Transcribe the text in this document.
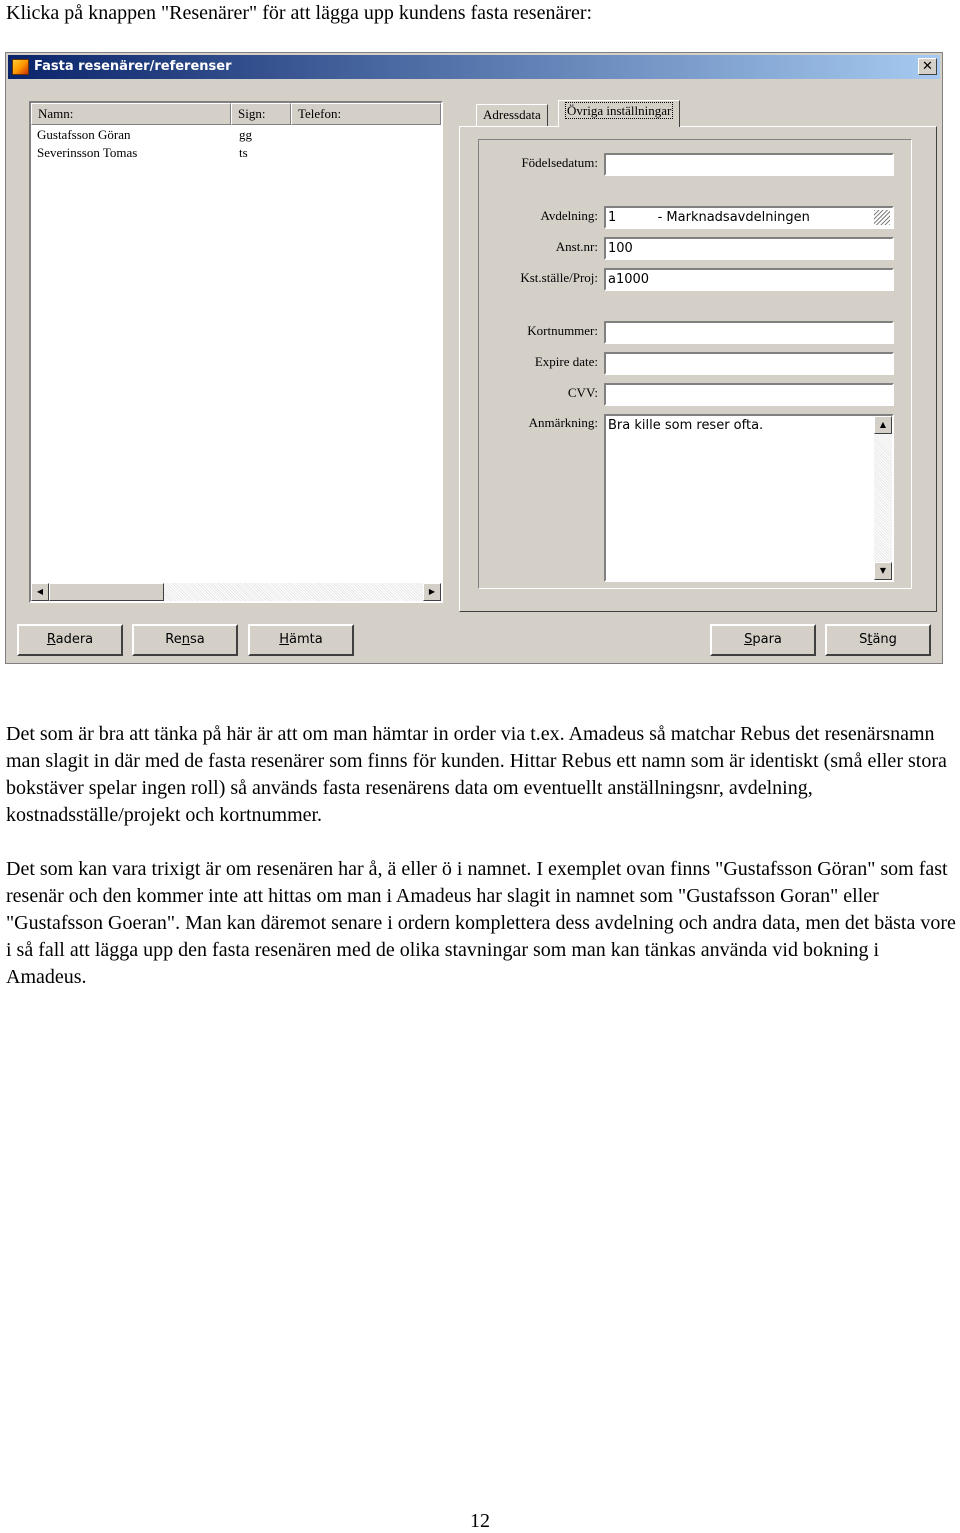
Klicka på knappen "Resenärer" för att lägga upp kundens fasta resenärer:
Fasta resenärer/referenser	✕
Namn:	Sign:	Telefon:
Gustafsson Göran	gg
Severinsson Tomas	ts
◀	▶
Adressdata	Övriga inställningar
Födelsedatum:
Avdelning: 1          - Marknadsavdelningen
Anst.nr: 100
Kst.ställe/Proj: a1000
Kortnummer:
Expire date:
CVV:
Anmärkning: Bra kille som reser ofta.	▲
▼
Radera	Rensa	Hämta	Spara	Stäng

Det som är bra att tänka på här är att om man hämtar in order via t.ex. Amadeus så matchar Rebus det resenärsnamn man slagit in där med de fasta resenärer som finns för kunden. Hittar Rebus ett namn som är identiskt (små eller stora bokstäver spelar ingen roll) så används fasta resenärens data om eventuellt anställningsnr, avdelning, kostnadsställe/projekt och kortnummer.

Det som kan vara trixigt är om resenären har å, ä eller ö i namnet. I exemplet ovan finns "Gustafsson Göran" som fast resenär och den kommer inte att hittas om man i Amadeus har slagit in namnet som "Gustafsson Goran" eller "Gustafsson Goeran". Man kan däremot senare i ordern komplettera dess avdelning och andra data, men det bästa vore i så fall att lägga upp den fasta resenären med de olika stavningar som man kan tänkas använda vid bokning i Amadeus.

12
